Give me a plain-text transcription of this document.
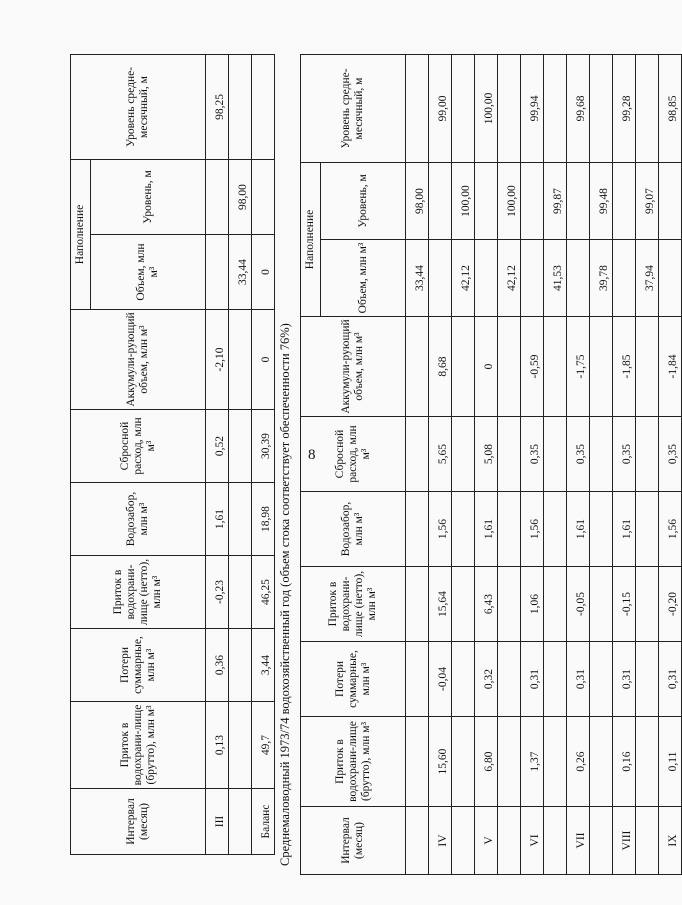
8
Интервал (месяц)	Приток в водохрани-лище (брутто), млн м³	Потери суммарные, млн м³	Приток в водохрани-лище (нетто), млн м³	Водозабор, млн м³	Сбросной расход, млн м³	Аккумули-рующий объем, млн м³	Наполнение		Уровень средне-месячный, м
							Объем, млн м³	Уровень, м	
III	0,13	0,36	-0,23	1,61	0,52	-2,10			98,25
							33,44	98,00	
Баланс	49,7	3,44	46,25	18,98	30,39	0	0		
Среднемаловодный 1973/74 водохозяйственный год (объем стока соответствует обеспеченности 76%)	Интервал (месяц)	Приток в водохрани-лище (брутто), млн м³	Потери суммарные, млн м³	Приток в водохрани-лище (нетто), млн м³	Водозабор, млн м³	Сбросной расход, млн м³	Аккумули-рующий объем, млн м³	Наполнение		Уровень средне-месячный, м
							Объем, млн м³	Уровень, м	
							33,44	98,00	
IV	15,60	-0,04	15,64	1,56	5,65	8,68			99,00
							42,12	100,00	
V	6,80	0,32	6,43	1,61	5,08	0			100,00
							42,12	100,00	
VI	1,37	0,31	1,06	1,56	0,35	-0,59			99,94
							41,53	99,87	
VII	0,26	0,31	-0,05	1,61	0,35	-1,75			99,68
							39,78	99,48	
VIII	0,16	0,31	-0,15	1,61	0,35	-1,85			99,28
							37,94	99,07	
IX	0,11	0,31	-0,20	1,56	0,35	-1,84			98,85
